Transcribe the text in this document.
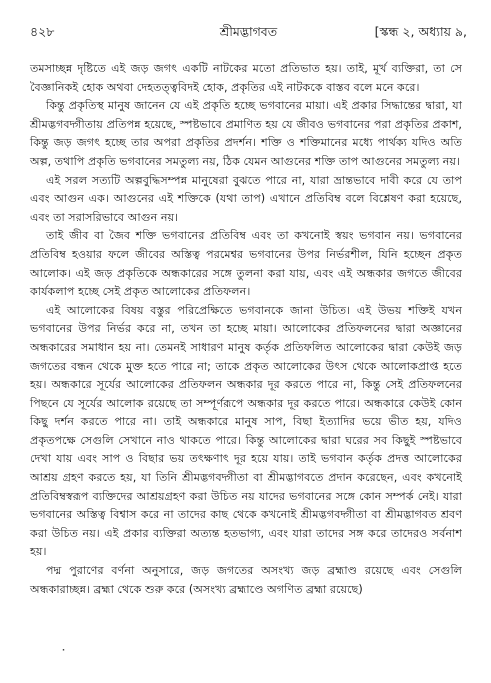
৪২৮	শ্রীমদ্ভাগবত	[স্কন্ধ ২, অধ্যায় ৯,

তমসাচ্ছন্ন দৃষ্টিতে এই জড় জগৎ একটি নাটকের মতো প্রতিভাত হয়। তাই, মূর্খ ব্যক্তিরা, তা সে বৈজ্ঞানিকই হোক অথবা দেহতত্ত্ববিদই হোক, প্রকৃতির এই নাটককে বাস্তব বলে মনে করে।

কিন্তু প্রকৃতিস্থ মানুষ জানেন যে এই প্রকৃতি হচ্ছে ভগবানের মায়া। এই প্রকার সিদ্ধান্তের দ্বারা, যা শ্রীমদ্ভগবদ্গীতায় প্রতিপন্ন হয়েছে, স্পষ্টভাবে প্রমাণিত হয় যে জীবও ভগবানের পরা প্রকৃতির প্রকাশ, কিন্তু জড় জগৎ হচ্ছে তার অপরা প্রকৃতির প্রদর্শন। শক্তি ও শক্তিমানের মধ্যে পার্থক্য যদিও অতি অল্প, তথাপি প্রকৃতি ভগবানের সমতুল্য নয়, ঠিক যেমন আগুনের শক্তি তাপ আগুনের সমতুল্য নয়।

এই সরল সত্যটি অল্পবুদ্ধিসম্পন্ন মানুষেরা বুঝতে পারে না, যারা ভ্রান্তভাবে দাবী করে যে তাপ এবং আগুন এক। আগুনের এই শক্তিকে (যথা তাপ) এখানে প্রতিবিম্ব বলে বিশ্লেষণ করা হয়েছে, এবং তা সরাসরিভাবে আগুন নয়।

তাই জীব বা জৈব শক্তি ভগবানের প্রতিবিম্ব এবং তা কখনোই স্বয়ং ভগবান নয়। ভগবানের প্রতিবিম্ব হওয়ার ফলে জীবের অস্তিত্ব পরমেশ্বর ভগবানের উপর নির্ভরশীল, যিনি হচ্ছেন প্রকৃত আলোক। এই জড় প্রকৃতিকে অন্ধকারের সঙ্গে তুলনা করা যায়, এবং এই অন্ধকার জগতে জীবের কার্যকলাপ হচ্ছে সেই প্রকৃত আলোকের প্রতিফলন।

এই আলোকের বিষয় বস্তুর পরিপ্রেক্ষিতে ভগবানকে জানা উচিত। এই উভয় শক্তিই যখন ভগবানের উপর নির্ভর করে না, তখন তা হচ্ছে মায়া। আলোকের প্রতিফলনের দ্বারা অজ্ঞানের অন্ধকারের সমাধান হয় না। তেমনই সাধারণ মানুষ কর্তৃক প্রতিফলিত আলোকের দ্বারা কেউই জড় জগতের বন্ধন থেকে মুক্ত হতে পারে না; তাকে প্রকৃত আলোকের উৎস থেকে আলোকপ্রাপ্ত হতে হয়। অন্ধকারে সূর্যের আলোকের প্রতিফলন অন্ধকার দূর করতে পারে না, কিন্তু সেই প্রতিফলনের পিছনে যে সূর্যের আলোক রয়েছে তা সম্পূর্ণরূপে অন্ধকার দূর করতে পারে। অন্ধকারে কেউই কোন কিছু দর্শন করতে পারে না। তাই অন্ধকারে মানুষ সাপ, বিছা ইত্যাদির ভয়ে ভীত হয়, যদিও প্রকৃতপক্ষে সেগুলি সেখানে নাও থাকতে পারে। কিন্তু আলোকের দ্বারা ঘরের সব কিছুই স্পষ্টভাবে দেখা যায় এবং সাপ ও বিছার ভয় তৎক্ষণাৎ দূর হয়ে যায়। তাই ভগবান কর্তৃক প্রদত্ত আলোকের আশ্রয় গ্রহণ করতে হয়, যা তিনি শ্রীমদ্ভগবদ্গীতা বা শ্রীমদ্ভাগবতে প্রদান করেছেন, এবং কখনোই প্রতিবিম্বস্বরূপ ব্যক্তিদের আশ্রয়গ্রহণ করা উচিত নয় যাদের ভগবানের সঙ্গে কোন সম্পর্ক নেই। যারা ভগবানের অস্তিত্ব বিশ্বাস করে না তাদের কাছ থেকে কখনোই শ্রীমদ্ভগবদ্গীতা বা শ্রীমদ্ভাগবত শ্রবণ করা উচিত নয়। এই প্রকার ব্যক্তিরা অত্যন্ত হতভাগ্য, এবং যারা তাদের সঙ্গ করে তাদেরও সর্বনাশ হয়।

পদ্ম পুরাণের বর্ণনা অনুসারে, জড় জগতের অসংখ্য জড় ব্রহ্মাণ্ড রয়েছে এবং সেগুলি অন্ধকারাচ্ছন্ন। ব্রহ্মা থেকে শুরু করে (অসংখ্য ব্রহ্মাণ্ডে অগণিত ব্রহ্মা রয়েছে)

˙
